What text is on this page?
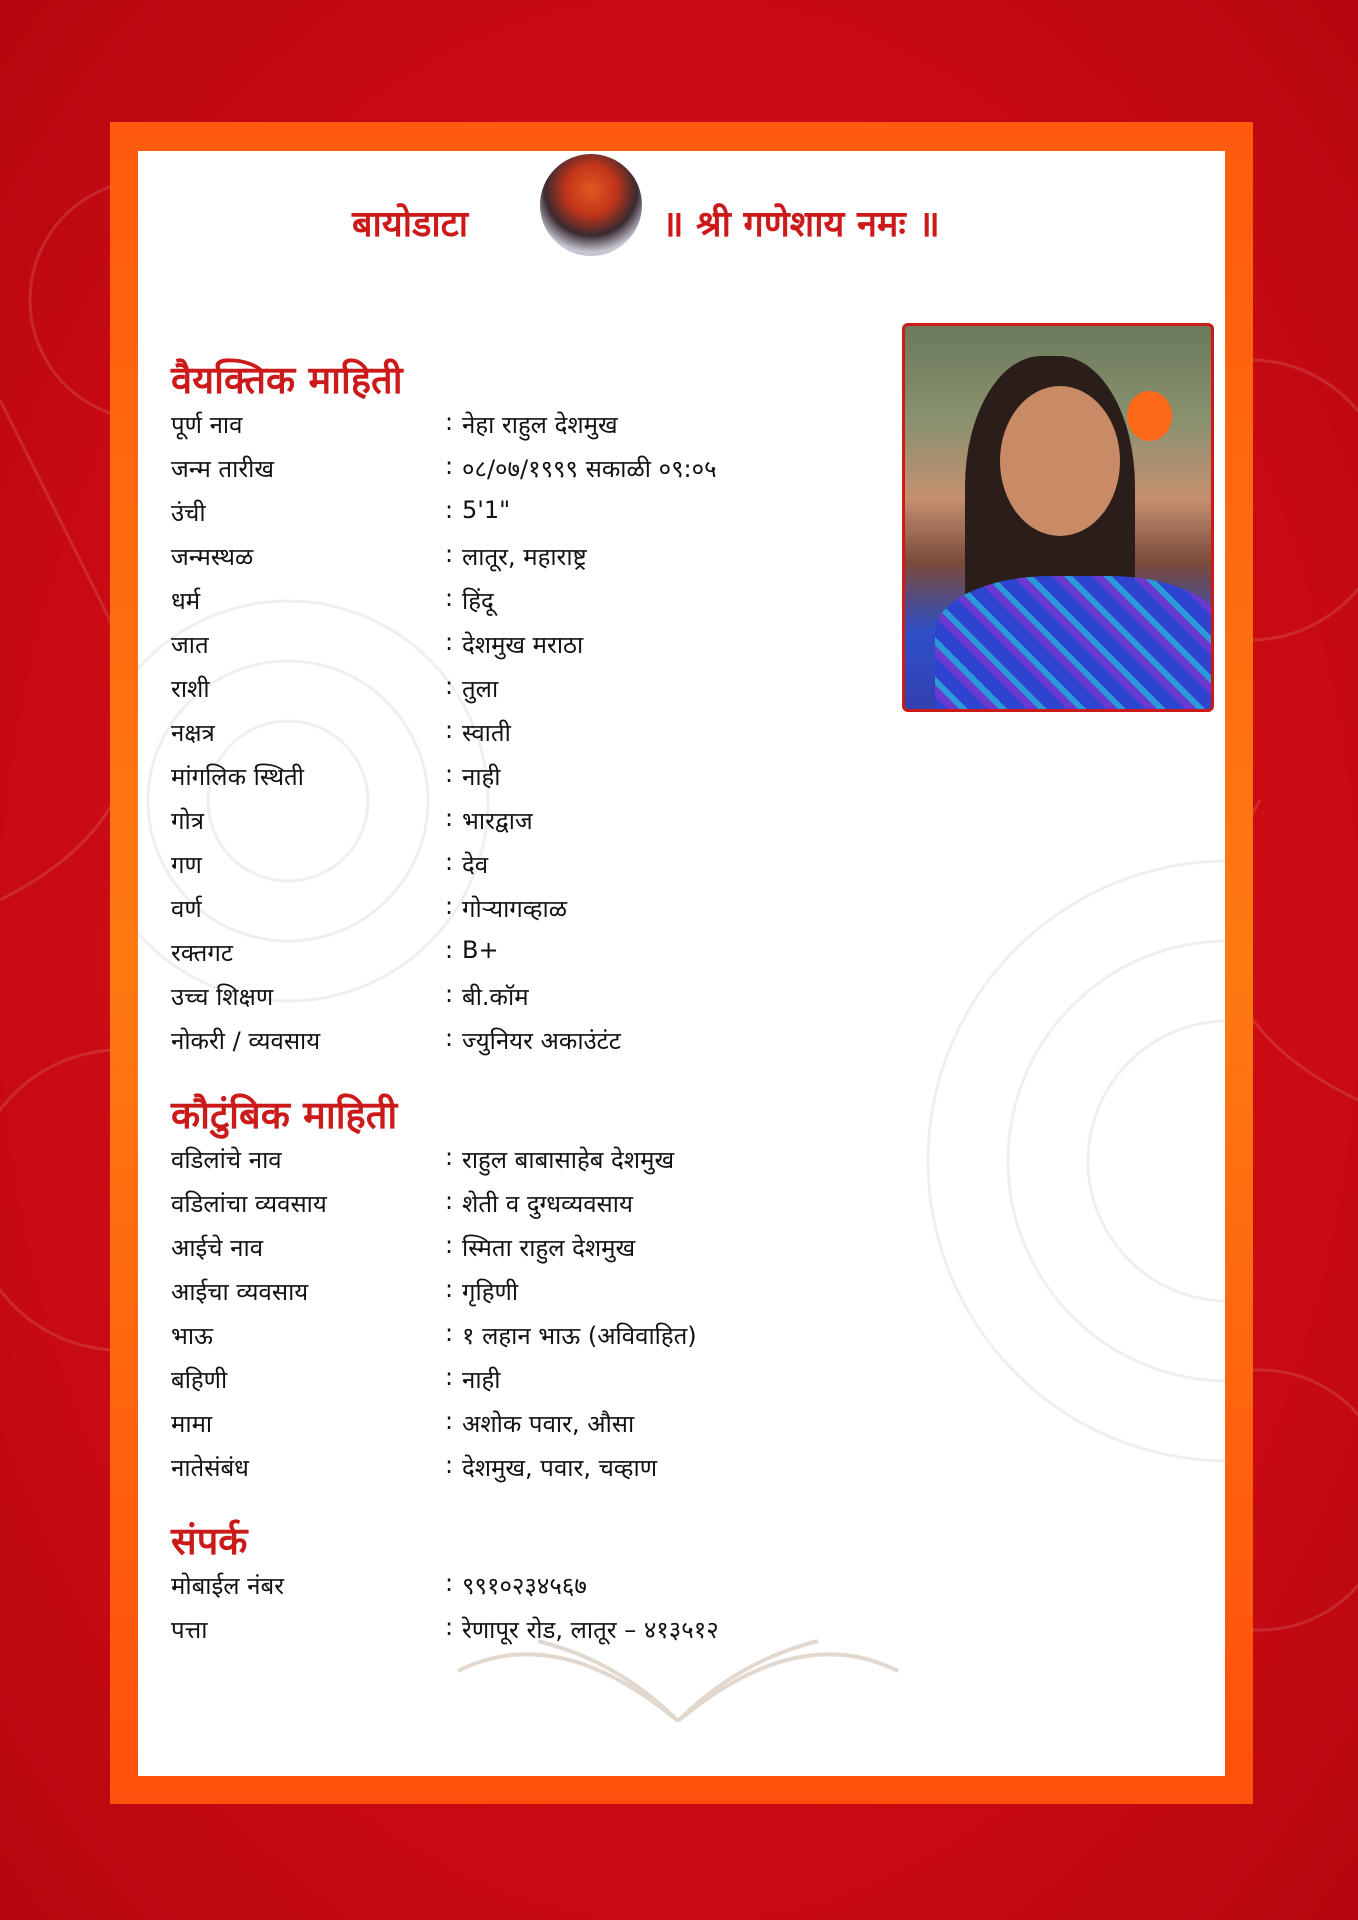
बायोडाटा	॥ श्री गणेशाय नमः ॥
वैयक्तिक माहिती
पूर्ण नाव	: नेहा राहुल देशमुख
जन्म तारीख	: ०८/०७/१९९९ सकाळी ०९:०५
उंची	: 5'1"
जन्मस्थळ	: लातूर, महाराष्ट्र
धर्म	: हिंदू
जात	: देशमुख मराठा
राशी	: तुला
नक्षत्र	: स्वाती
मांगलिक स्थिती	: नाही
गोत्र	: भारद्वाज
गण	: देव
वर्ण	: गोऱ्यागव्हाळ
रक्तगट	: B+
उच्च शिक्षण	: बी.कॉम
नोकरी / व्यवसाय	: ज्युनियर अकाउंटंट
कौटुंबिक माहिती
वडिलांचे नाव	: राहुल बाबासाहेब देशमुख
वडिलांचा व्यवसाय	: शेती व दुग्धव्यवसाय
आईचे नाव	: स्मिता राहुल देशमुख
आईचा व्यवसाय	: गृहिणी
भाऊ	: १ लहान भाऊ (अविवाहित)
बहिणी	: नाही
मामा	: अशोक पवार, औसा
नातेसंबंध	: देशमुख, पवार, चव्हाण
संपर्क
मोबाईल नंबर	: ९९१०२३४५६७
पत्ता	: रेणापूर रोड, लातूर – ४१३५१२
